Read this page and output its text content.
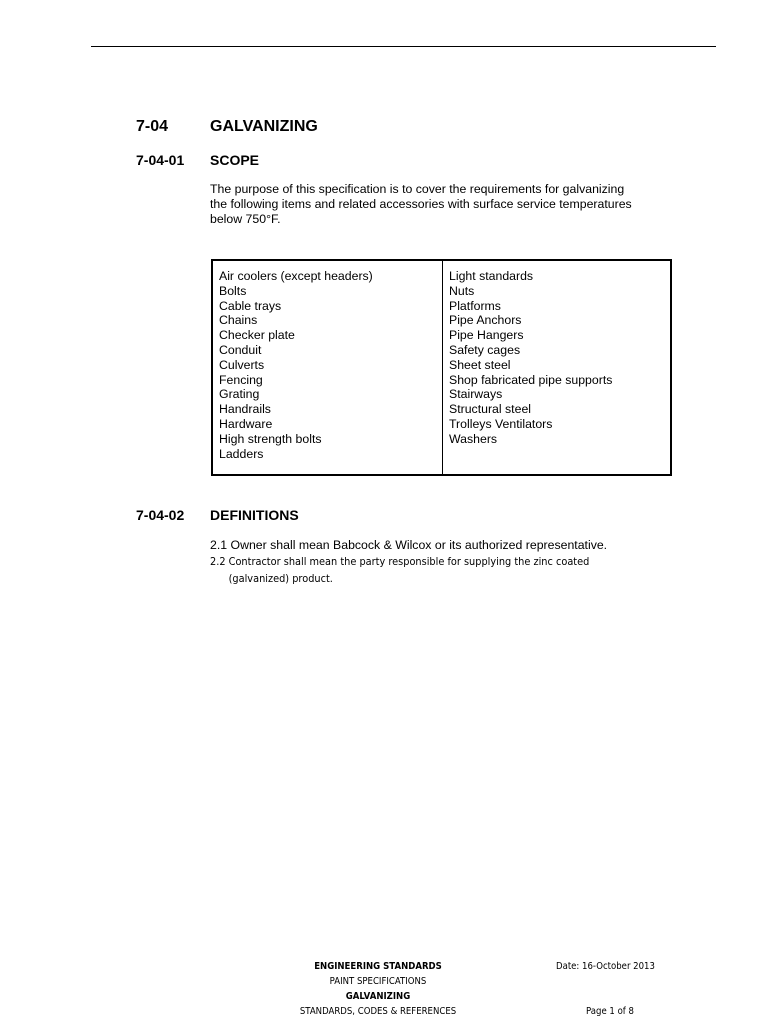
7-04	GALVANIZING
7-04-01 SCOPE
The purpose of this specification is to cover the requirements for galvanizing
the following items and related accessories with surface service temperatures
below 750°F.
Air coolers (except headers)
Bolts
Cable trays
Chains
Checker plate
Conduit
Culverts
Fencing
Grating
Handrails
Hardware
High strength bolts
Ladders
Light standards
Nuts
Platforms
Pipe Anchors
Pipe Hangers
Safety cages
Sheet steel
Shop fabricated pipe supports
Stairways
Structural steel
Trolleys Ventilators
Washers
7-04-02 DEFINITIONS
2.1 Owner shall mean Babcock & Wilcox or its authorized representative.
2.2 Contractor shall mean the party responsible for supplying the zinc coated
(galvanized) product.
ENGINEERING STANDARDS
PAINT SPECIFICATIONS
GALVANIZING
STANDARDS, CODES & REFERENCES
Date: 16-October 2013
Page 1 of 8
